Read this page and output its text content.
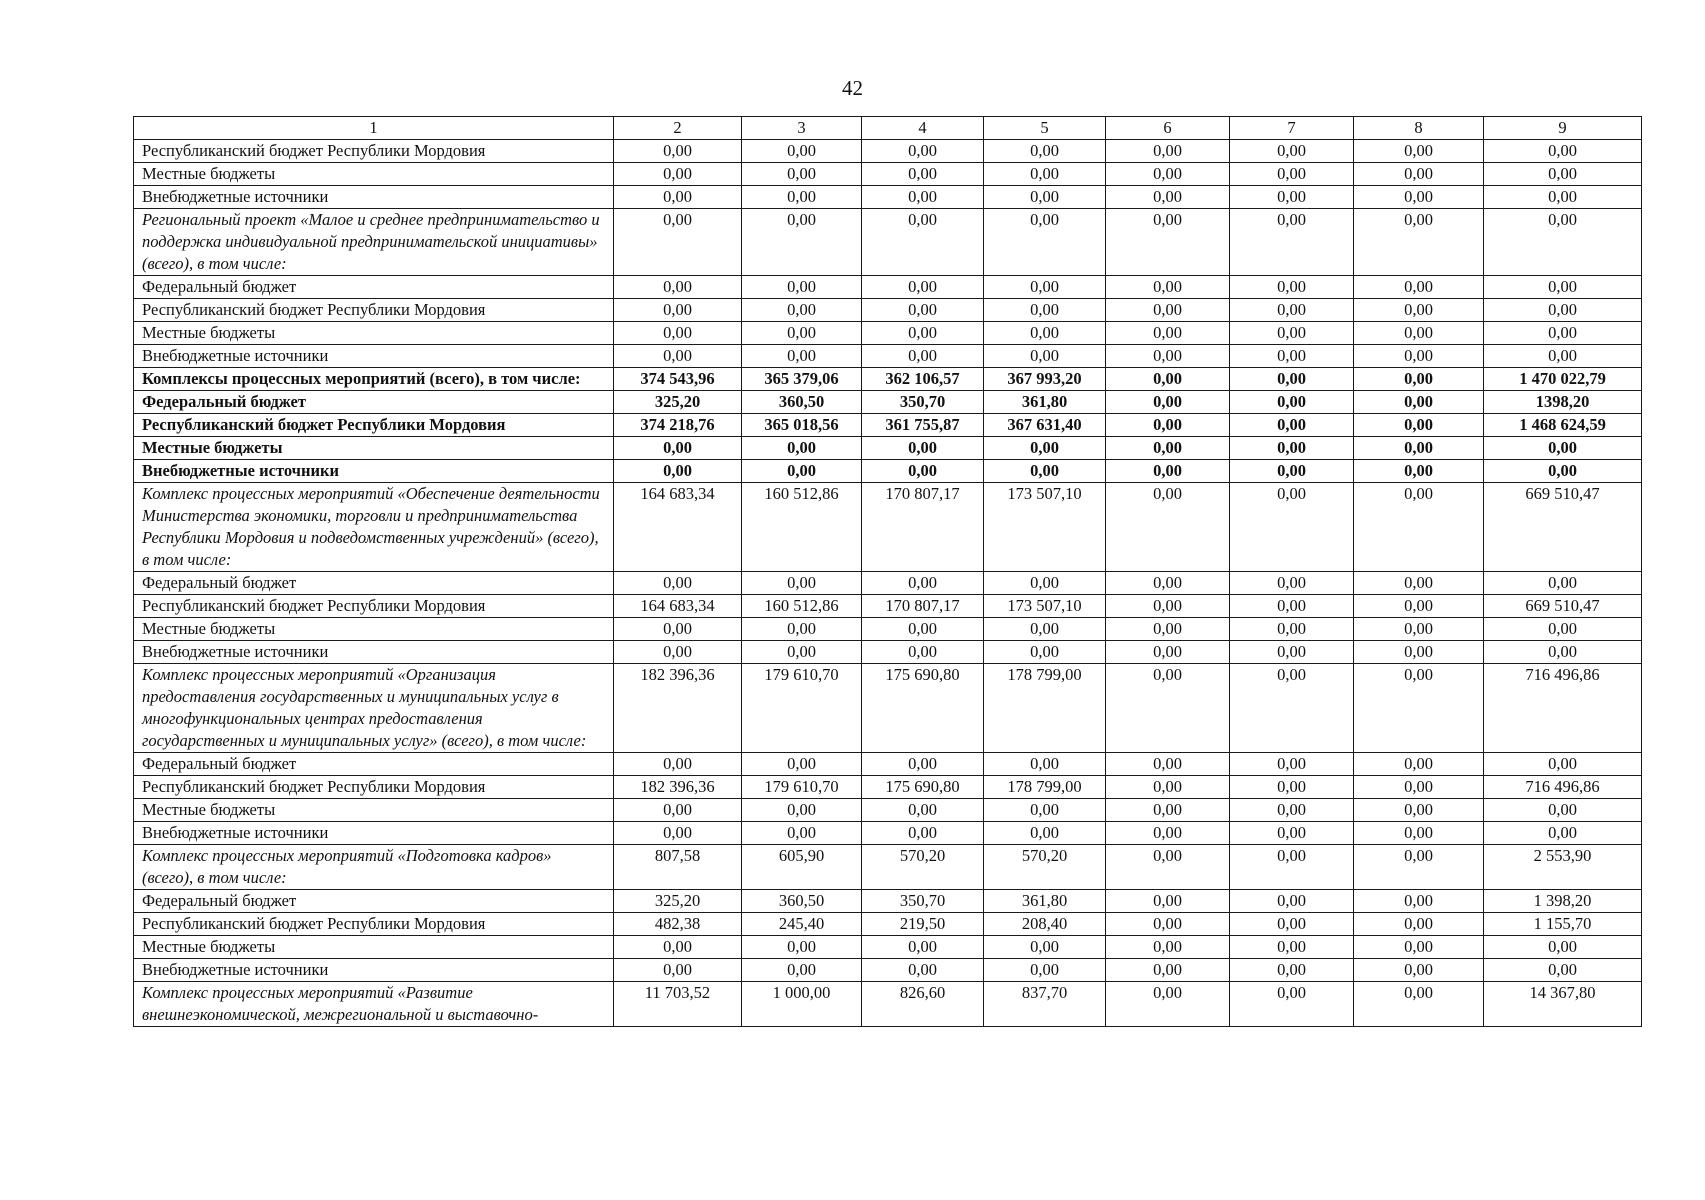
42
1	2	3	4	5	6	7	8	9
Республиканский бюджет Республики Мордовия	0,00	0,00	0,00	0,00	0,00	0,00	0,00	0,00
Местные бюджеты	0,00	0,00	0,00	0,00	0,00	0,00	0,00	0,00
Внебюджетные источники	0,00	0,00	0,00	0,00	0,00	0,00	0,00	0,00
Региональный проект «Малое и среднее предпринимательство и поддержка индивидуальной предпринимательской инициативы» (всего), в том числе:	0,00	0,00	0,00	0,00	0,00	0,00	0,00	0,00
Федеральный бюджет	0,00	0,00	0,00	0,00	0,00	0,00	0,00	0,00
Республиканский бюджет Республики Мордовия	0,00	0,00	0,00	0,00	0,00	0,00	0,00	0,00
Местные бюджеты	0,00	0,00	0,00	0,00	0,00	0,00	0,00	0,00
Внебюджетные источники	0,00	0,00	0,00	0,00	0,00	0,00	0,00	0,00
Комплексы процессных мероприятий (всего), в том числе:	374 543,96	365 379,06	362 106,57	367 993,20	0,00	0,00	0,00	1 470 022,79
Федеральный бюджет	325,20	360,50	350,70	361,80	0,00	0,00	0,00	1398,20
Республиканский бюджет Республики Мордовия	374 218,76	365 018,56	361 755,87	367 631,40	0,00	0,00	0,00	1 468 624,59
Местные бюджеты	0,00	0,00	0,00	0,00	0,00	0,00	0,00	0,00
Внебюджетные источники	0,00	0,00	0,00	0,00	0,00	0,00	0,00	0,00
Комплекс процессных мероприятий «Обеспечение деятельности Министерства экономики, торговли и предпринимательства Республики Мордовия и подведомственных учреждений» (всего), в том числе:	164 683,34	160 512,86	170 807,17	173 507,10	0,00	0,00	0,00	669 510,47
Федеральный бюджет	0,00	0,00	0,00	0,00	0,00	0,00	0,00	0,00
Республиканский бюджет Республики Мордовия	164 683,34	160 512,86	170 807,17	173 507,10	0,00	0,00	0,00	669 510,47
Местные бюджеты	0,00	0,00	0,00	0,00	0,00	0,00	0,00	0,00
Внебюджетные источники	0,00	0,00	0,00	0,00	0,00	0,00	0,00	0,00
Комплекс процессных мероприятий «Организация предоставления государственных и муниципальных услуг в многофункциональных центрах предоставления государственных и муниципальных услуг» (всего), в том числе:	182 396,36	179 610,70	175 690,80	178 799,00	0,00	0,00	0,00	716 496,86
Федеральный бюджет	0,00	0,00	0,00	0,00	0,00	0,00	0,00	0,00
Республиканский бюджет Республики Мордовия	182 396,36	179 610,70	175 690,80	178 799,00	0,00	0,00	0,00	716 496,86
Местные бюджеты	0,00	0,00	0,00	0,00	0,00	0,00	0,00	0,00
Внебюджетные источники	0,00	0,00	0,00	0,00	0,00	0,00	0,00	0,00
Комплекс процессных мероприятий «Подготовка кадров» (всего), в том числе:	807,58	605,90	570,20	570,20	0,00	0,00	0,00	2 553,90
Федеральный бюджет	325,20	360,50	350,70	361,80	0,00	0,00	0,00	1 398,20
Республиканский бюджет Республики Мордовия	482,38	245,40	219,50	208,40	0,00	0,00	0,00	1 155,70
Местные бюджеты	0,00	0,00	0,00	0,00	0,00	0,00	0,00	0,00
Внебюджетные источники	0,00	0,00	0,00	0,00	0,00	0,00	0,00	0,00
Комплекс процессных мероприятий «Развитие внешнеэкономической, межрегиональной и выставочно-	11 703,52	1 000,00	826,60	837,70	0,00	0,00	0,00	14 367,80
